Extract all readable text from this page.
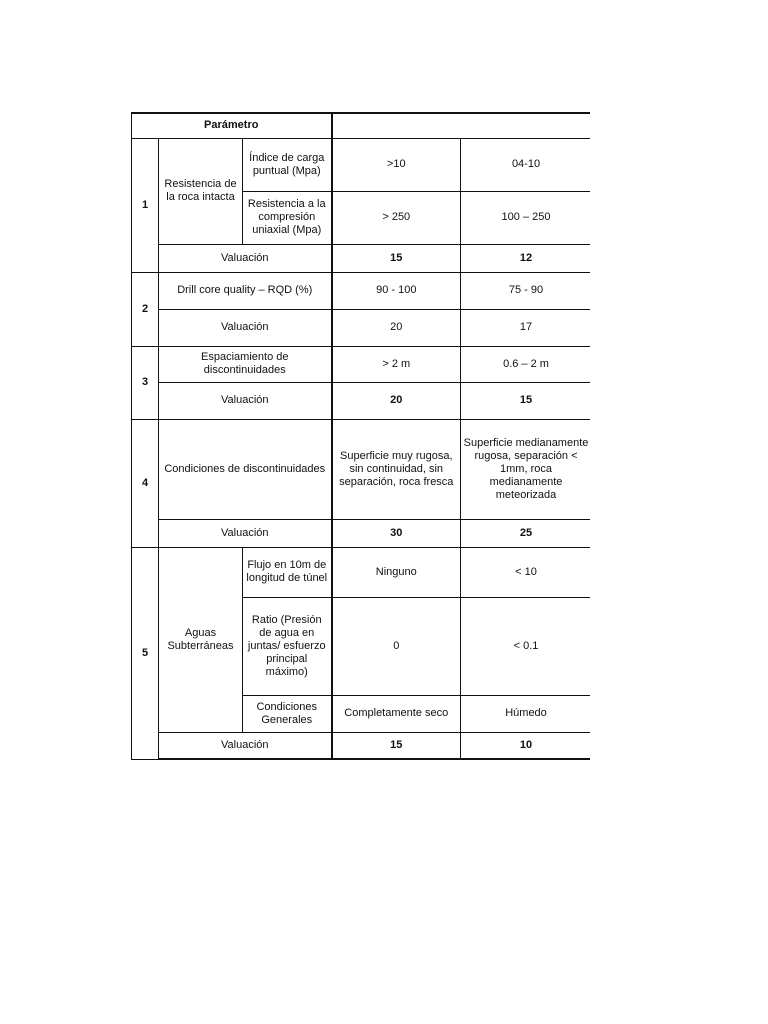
Parámetro				
1	Resistencia de la roca intacta	Índice de carga puntual (Mpa)	>10	04-10
		Resistencia a la compresión uniaxial (Mpa)	> 250	100 – 250
	Valuación		15	12
2	Drill core quality – RQD (%)		90 - 100	75 - 90
	Valuación		20	17
3	Espaciamiento de discontinuidades		> 2 m	0.6 – 2 m
	Valuación		20	15
4	Condiciones de discontinuidades		Superficie muy rugosa, sin continuidad, sin separación, roca fresca	Superficie medianamente rugosa, separación < 1mm, roca medianamente meteorizada
	Valuación		30	25
5	Aguas Subterráneas	Flujo en 10m de longitud de túnel	Ninguno	< 10
		Ratio (Presión de agua en juntas/ esfuerzo principal máximo)	0	< 0.1
		Condiciones Generales	Completamente seco	Húmedo
	Valuación		15	10
